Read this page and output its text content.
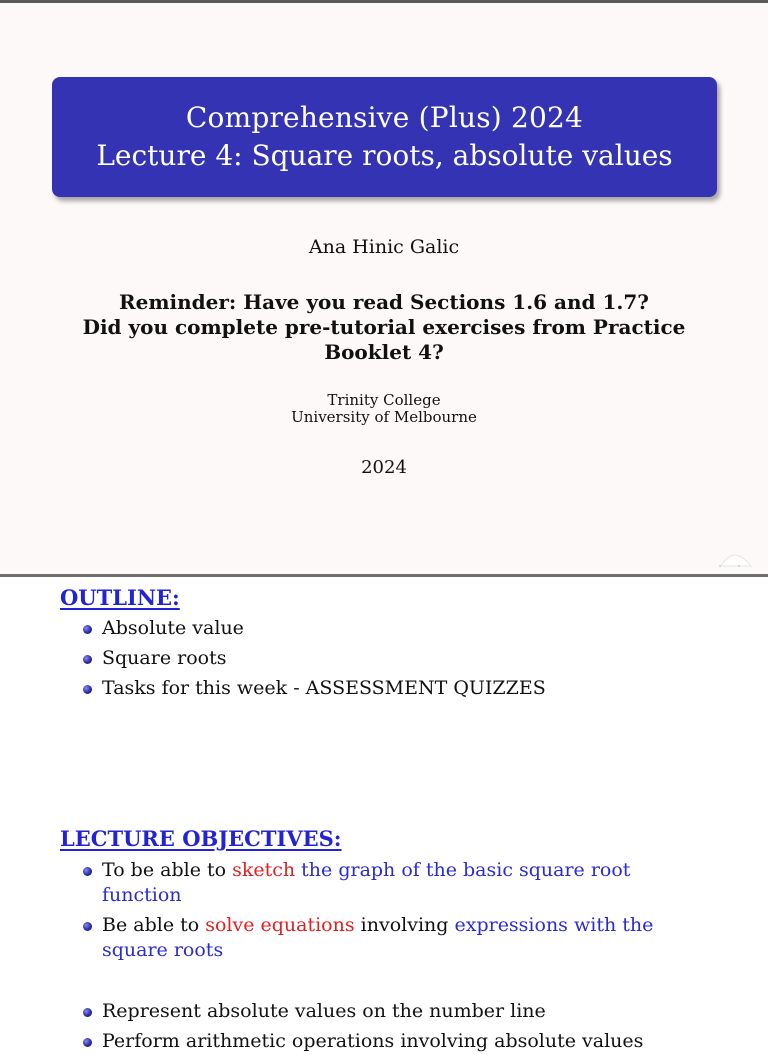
Comprehensive (Plus) 2024
Lecture 4: Square roots, absolute values
Ana Hinic Galic
Reminder: Have you read Sections 1.6 and 1.7?
Did you complete pre-tutorial exercises from Practice
Booklet 4?
Trinity College
University of Melbourne
2024
OUTLINE:
Absolute value
Square roots
Tasks for this week - ASSESSMENT QUIZZES
LECTURE OBJECTIVES:
To be able to sketch the graph of the basic square root function
Be able to solve equations involving expressions with the square roots
Represent absolute values on the number line
Perform arithmetic operations involving absolute values
